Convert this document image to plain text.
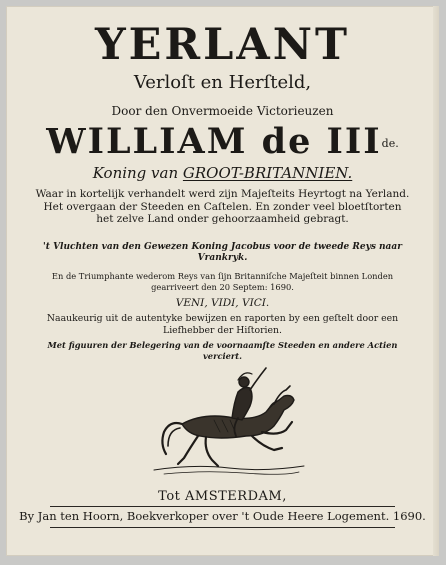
YERLANT
Verloſt en Herſteld,
Door den Onvermoeide Victorieuzen
WILLIAM de $III^{de.}$
Koning van GROOT-BRITANNIEN.
Waar in kortelijk verhandelt werd zijn Majeſteits Heyrtogt na Yerland. Het overgaan der Steeden en Caſtelen. En zonder veel bloetſtorten het zelve Land onder gehoorzaamheid gebragt.
't Vluchten van den Gewezen Koning Jacobus voor de tweede Reys naar Vrankryk.
En de Triumphante wederom Reys van ſijn Britanniſche Majeſteit binnen Londen gearriveert den 20 Septem: 1690.
VENI, VIDI, VICI.
Naaukeurig uit de autentyke bewijzen en raporten by een geſtelt door een Liefhebber der Hiſtorien.
Met figuuren der Belegering van de voornaamſte Steeden en andere Actien verciert.
Tot AMSTERDAM,
By Jan ten Hoorn, Boekverkoper over 't Oude Heere Logement. 1690.
